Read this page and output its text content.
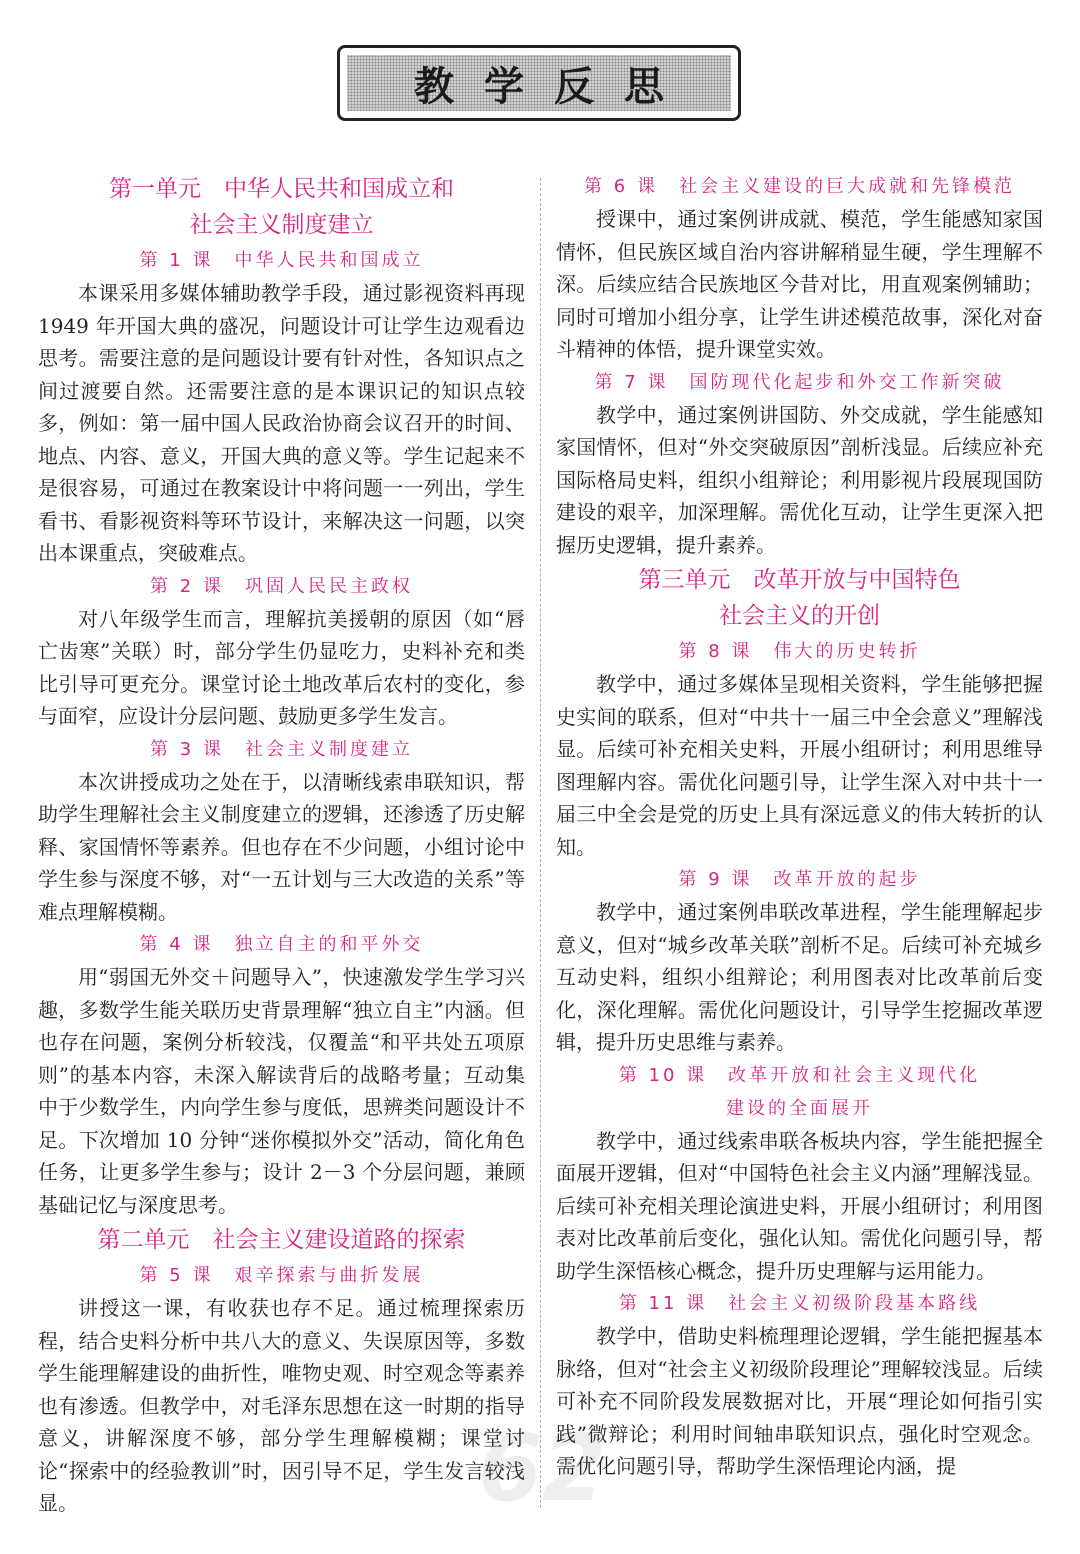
教学反思
62
第一单元　中华人民共和国成立和
社会主义制度建立
第 1 课　中华人民共和国成立
本课采用多媒体辅助教学手段，通过影视资料再现 1949 年开国大典的盛况，问题设计可让学生边观看边思考。需要注意的是问题设计要有针对性，各知识点之间过渡要自然。还需要注意的是本课识记的知识点较多，例如：第一届中国人民政治协商会议召开的时间、地点、内容、意义，开国大典的意义等。学生记起来不是很容易，可通过在教案设计中将问题一一列出，学生看书、看影视资料等环节设计，来解决这一问题，以突出本课重点，突破难点。
第 2 课　巩固人民民主政权
对八年级学生而言，理解抗美援朝的原因（如“唇亡齿寒”关联）时，部分学生仍显吃力，史料补充和类比引导可更充分。课堂讨论土地改革后农村的变化，参与面窄，应设计分层问题、鼓励更多学生发言。
第 3 课　社会主义制度建立
本次讲授成功之处在于，以清晰线索串联知识，帮助学生理解社会主义制度建立的逻辑，还渗透了历史解释、家国情怀等素养。但也存在不少问题，小组讨论中学生参与深度不够，对“一五计划与三大改造的关系”等难点理解模糊。
第 4 课　独立自主的和平外交
用“弱国无外交＋问题导入”，快速激发学生学习兴趣，多数学生能关联历史背景理解“独立自主”内涵。但也存在问题，案例分析较浅，仅覆盖“和平共处五项原则”的基本内容，未深入解读背后的战略考量；互动集中于少数学生，内向学生参与度低，思辨类问题设计不足。下次增加 10 分钟“迷你模拟外交”活动，简化角色任务，让更多学生参与；设计 2－3 个分层问题，兼顾基础记忆与深度思考。
第二单元　社会主义建设道路的探索
第 5 课　艰辛探索与曲折发展
讲授这一课，有收获也存不足。通过梳理探索历程，结合史料分析中共八大的意义、失误原因等，多数学生能理解建设的曲折性，唯物史观、时空观念等素养也有渗透。但教学中，对毛泽东思想在这一时期的指导意义，讲解深度不够，部分学生理解模糊；课堂讨论“探索中的经验教训”时，因引导不足，学生发言较浅显。
第 6 课　社会主义建设的巨大成就和先锋模范
授课中，通过案例讲成就、模范，学生能感知家国情怀，但民族区域自治内容讲解稍显生硬，学生理解不深。后续应结合民族地区今昔对比，用直观案例辅助；同时可增加小组分享，让学生讲述模范故事，深化对奋斗精神的体悟，提升课堂实效。
第 7 课　国防现代化起步和外交工作新突破
教学中，通过案例讲国防、外交成就，学生能感知家国情怀，但对“外交突破原因”剖析浅显。后续应补充国际格局史料，组织小组辩论；利用影视片段展现国防建设的艰辛，加深理解。需优化互动，让学生更深入把握历史逻辑，提升素养。
第三单元　改革开放与中国特色
社会主义的开创
第 8 课　伟大的历史转折
教学中，通过多媒体呈现相关资料，学生能够把握史实间的联系，但对“中共十一届三中全会意义”理解浅显。后续可补充相关史料，开展小组研讨；利用思维导图理解内容。需优化问题引导，让学生深入对中共十一届三中全会是党的历史上具有深远意义的伟大转折的认知。
第 9 课　改革开放的起步
教学中，通过案例串联改革进程，学生能理解起步意义，但对“城乡改革关联”剖析不足。后续可补充城乡互动史料，组织小组辩论；利用图表对比改革前后变化，深化理解。需优化问题设计，引导学生挖掘改革逻辑，提升历史思维与素养。
第 10 课　改革开放和社会主义现代化
建设的全面展开
教学中，通过线索串联各板块内容，学生能把握全面展开逻辑，但对“中国特色社会主义内涵”理解浅显。后续可补充相关理论演进史料，开展小组研讨；利用图表对比改革前后变化，强化认知。需优化问题引导，帮助学生深悟核心概念，提升历史理解与运用能力。
第 11 课　社会主义初级阶段基本路线
教学中，借助史料梳理理论逻辑，学生能把握基本脉络，但对“社会主义初级阶段理论”理解较浅显。后续可补充不同阶段发展数据对比，开展“理论如何指引实践”微辩论；利用时间轴串联知识点，强化时空观念。需优化问题引导，帮助学生深悟理论内涵，提
